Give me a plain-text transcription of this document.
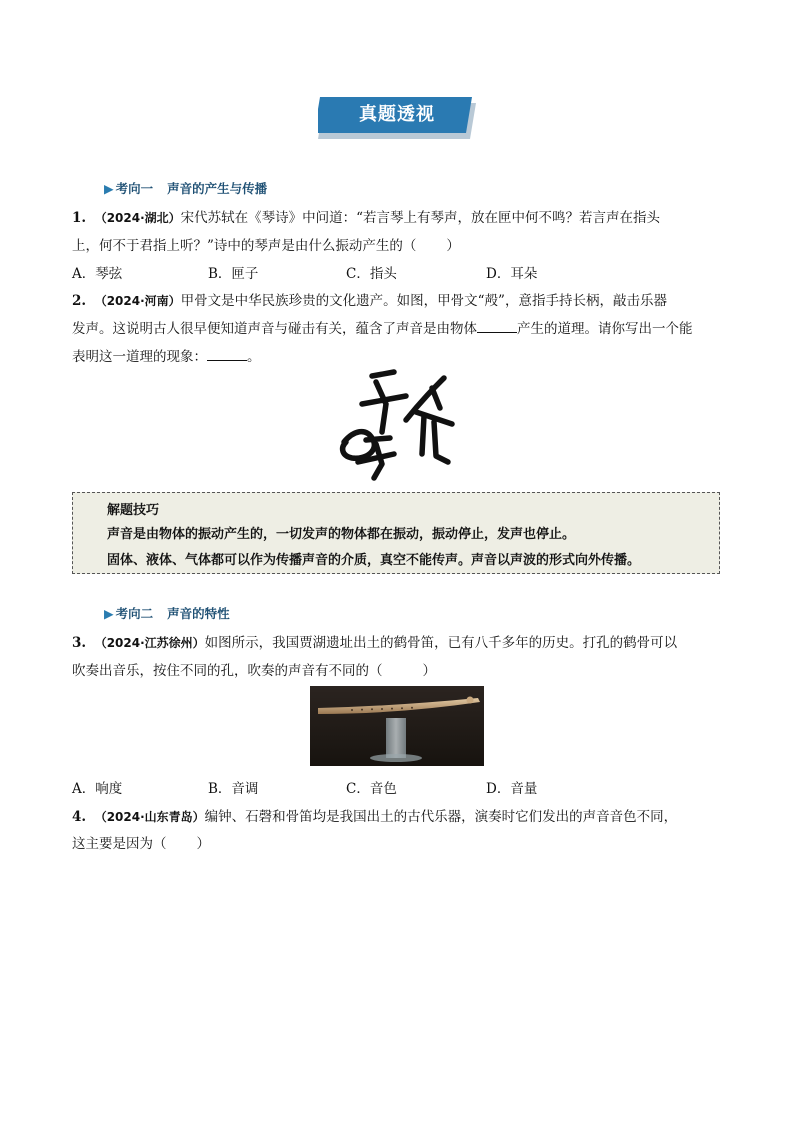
真题透视
▶ 考向一 声音的产生与传播
1. （2024·湖北）宋代苏轼在《琴诗》中问道：“若言琴上有琴声，放在匣中何不鸣？若言声在指头
上，何不于君指上听？”诗中的琴声是由什么振动产生的（ ）
A．琴弦	B．匣子	C．指头	D．耳朵
2. （2024·河南）甲骨文是中华民族珍贵的文化遗产。如图，甲骨文“殸”，意指手持长柄，敲击乐器
发声。这说明古人很早便知道声音与碰击有关，蕴含了声音是由物体	产生的道理。请你写出一个能
表明这一道理的现象：	。
解题技巧
声音是由物体的振动产生的，一切发声的物体都在振动，振动停止，发声也停止。
固体、液体、气体都可以作为传播声音的介质，真空不能传声。声音以声波的形式向外传播。
▶ 考向二 声音的特性
3. （2024·江苏徐州）如图所示，我国贾湖遗址出土的鹤骨笛，已有八千多年的历史。打孔的鹤骨可以
吹奏出音乐，按住不同的孔，吹奏的声音有不同的（	）
A．响度	B．音调	C．音色	D．音量
4. （2024·山东青岛）编钟、石磬和骨笛均是我国出土的古代乐器，演奏时它们发出的声音音色不同，
这主要是因为（ ）
